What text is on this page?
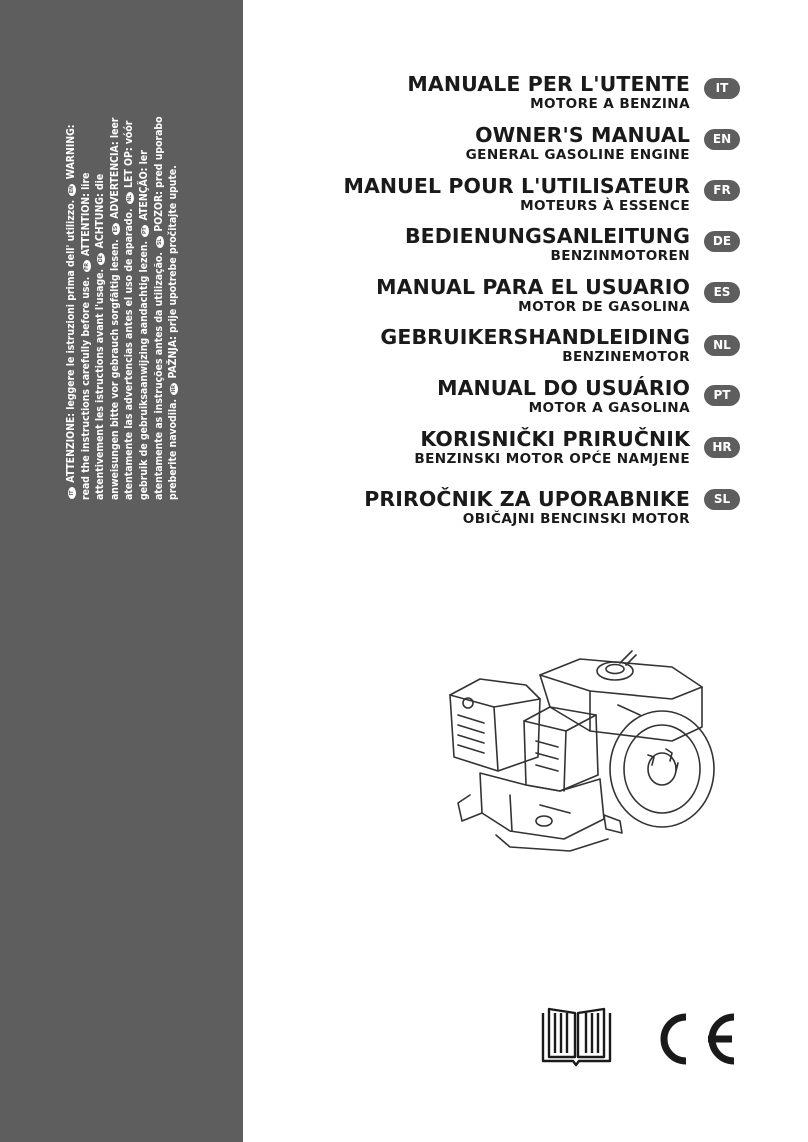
IT ATTENZIONE: leggere le istruzioni prima dell' utilizzo. EN WARNING: read the instructions carefully before use. FR ATTENTION: lire attentivement les istructions avant l'usage. DE ACHTUNG: die anweisungen bitte vor gebrauch sorgfältig lesen. ES ADVERTENCIA: leer atentamente las advertencias antes el uso de aparado. NL LET OP: vóór gebruik de gebruiksaanwijzing aandachtig lezen. PT ATENÇÃO: ler atentamente as instruções antes da utilização. SL POZOR: pred uporabo preberite navodila. HR PAŽNJA: prije upotrebe pročitajte upute.

MANUALE PER L'UTENTE
MOTORE A BENZINA
IT
OWNER'S MANUAL
GENERAL GASOLINE ENGINE
EN
MANUEL POUR L'UTILISATEUR
MOTEURS À ESSENCE
FR
BEDIENUNGSANLEITUNG
BENZINMOTOREN
DE
MANUAL PARA EL USUARIO
MOTOR DE GASOLINA
ES
GEBRUIKERSHANDLEIDING
BENZINEMOTOR
NL
MANUAL DO USUÁRIO
MOTOR A GASOLINA
PT
KORISNIČKI PRIRUČNIK
BENZINSKI MOTOR OPĆE NAMJENE
HR
PRIROČNIK ZA UPORABNIKE
OBIČAJNI BENCINSKI MOTOR
SL
